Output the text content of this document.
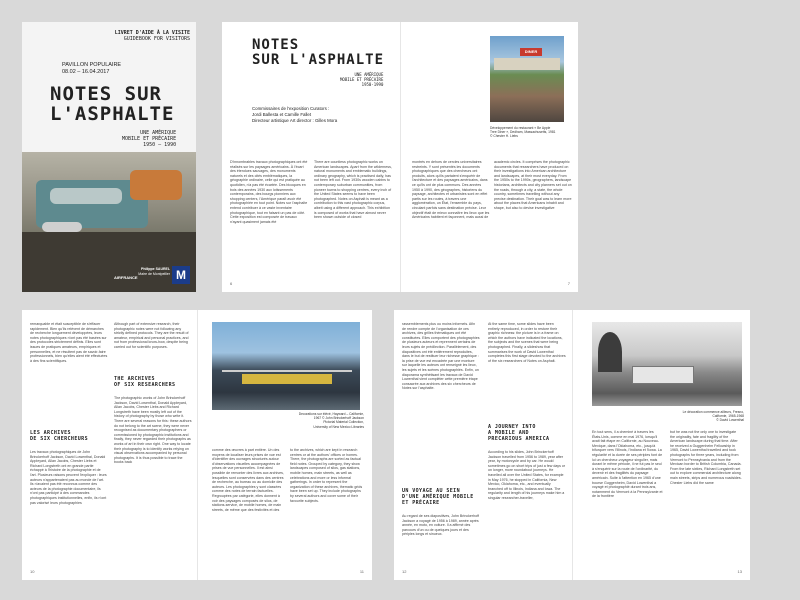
LIVRET D'AIDE À LA VISITE
GUIDEBOOK FOR VISITORS
PAVILLON POPULAIRE
08.02 – 16.04.2017
NOTES SUR
L'ASPHALTE
UNE AMÉRIQUE
MOBILE ET PRÉCAIRE
1950 – 1990
Philippe SAUREL
Maire de Montpellier
AIRFRANCE	M
NOTES
SUR L'ASPHALTE
UNE AMÉRIQUE
MOBILE ET PRÉCAIRE
1950-1990
Commissaires de l'exposition Curators :
Jordi Ballesta et Camille Fallet
Directeur artistique Art director : Gilles Mora
D'innombrables travaux photographiques ont été réalisés sur les paysages américains. À l'écart des étendues sauvages, des monuments naturels et des cités emblématiques, la géographie ordinaire, celle qui est pratiquée au quotidien, n'a pas été écartée. Des bicoques en bois des années 1930 aux lotissements contemporains, des bourgs pionniers aux shopping centers, l'Amérique paraît avoir été photographiée en tout point. Notes sur l'asphalte entend contribuer à ce vaste inventaire photographique, tout en faisant un pas de côté. Cette exposition est composée de travaux n'ayant quasiment jamais été
There are countless photographic works on American landscapes. Apart from the wilderness, natural monuments and emblematic buildings, ordinary geography, which is practised daily, has not been left out. From 1930s wooden cabins to contemporary suburban communities, from pioneer towns to shopping centres, every inch of the United States seems to have been photographed. Notes on Asphalt is meant as a contribution to this vast photographic corpus, albeit using a different approach. This exhibition is composed of works that have almost never been shown outside of closed
DINER
Développement du restaurant « Be Apple
Tree Diner », Dedham, Massachusetts, 1981
© Chester H. Liebs
montrés en dehors de cercles universitaires restreints. Y sont présentés les documents photographiques que des chercheurs ont produits, alors qu'ils partaient s'enquérir de l'architecture et des paysages américains, dans ce qu'ils ont de plus communs. Des années 1950 à 1990, des géographes, historiens du paysage, architectes et urbanistes sont en effet partis sur les routes, à travers une agglomération, un État, l'ensemble du pays, circulant parfois sans destination précise. Leur objectif était de mieux connaître les lieux que les Américains habitent et façonnent, mais aussi de
academic circles. It comprises the photographic documents that researchers have produced on their investigations into American architecture and landscapes, at their most everyday. From the 1950s to the 1990s, geographers, landscape historians, architects and city planners set out on the roads, through a city, a state, the whole country, sometimes travelling without any precise destination. Their goal was to learn more about the places that Americans inhabit and shape, but also to devise investigative
6	7
remarquable et était susceptible de s'effacer rapidement. Bien qu'ils relèvent de démarches de recherche longuement développées, leurs notes photographiques n'ont pas été basées sur des protocoles strictement définis. Elles sont issues de pratiques amateurs, empiriques et personnelles, et ne résultent pas de savoir-faire professionnels, bien qu'elles aient été effectuées à des fins scientifiques.
LES ARCHIVES
DE SIX CHERCHEURS
Les travaux photographiques de John Brinckerhoff Jackson, David Lowenthal, Donald Appleyard, Allan Jacobs, Chester Liebs et Richard Longstreth ont en grande partie échappé à l'histoire de la photographie et de l'art. Plusieurs raisons peuvent l'expliquer : leurs auteurs n'appartenaient pas au monde de l'art. Ils n'avaient pas été reconnus comme des acteurs de la photographie documentaire, ils n'ont pas participé à des commandes photographiques institutionnelles, enfin, ils n'ont pas valorisé leurs photographies
Although part of extensive research, their photographic notes were not following any strictly defined protocols. They are the result of amateur, empirical and personal practices, and not from professional know-how, despite being carried out for scientific purposes.
THE ARCHIVES
OF SIX RESEARCHERS
The photographic works of John Brinckerhoff Jackson, David Lowenthal, Donald Appleyard, Allan Jacobs, Chester Liebs and Richard Longstreth have been mostly left out of the history of photography by those who write it. There are several reasons for this: these authors do not belong to the art scene, they were never recognised as documentary photographers or commissioned by photographic institutions and finally, they never regarded their photographs as works of art in their own right. One way to locate their photography is to identify works relying on visual observations accompanied by personal photographs. It is thus possible to trace the books back
Decorations sur élévé, Hayward – Californie,
1967 © John Brinckerhoff Jackson
Pictorial Material Collection,
University of New Mexico Libraries
comme des œuvres à part entière. Un des moyens de localiser leurs prises de vue est d'identifier des ouvrages structurés autour d'observations visuelles accompagnées de prises de vue personnelles. Il est ainsi possible de remonter des livres aux archives, lesquelles sont conservées dans des centres de recherche, au bureau ou au domicile des auteurs. Les photographies y sont classées comme des notes de terrain factuelles. Regroupées par catégorie, elles donnent à voir des paysages composés de silos, de stations-service, de mobile homes, de main streets, de même que des festivités et des
to the archives, which are kept in research centres or at the authors' offices or homes. There, the photographs are sorted as factual field notes. Grouped by category, they show landscapes composed of silos, gas stations, mobile homes, main streets, as well as celebrations and more or less informal gatherings. In order to represent the organization of these archives, thematic grids have been set up. They include photographs by several authors and cover some of their favourite subjects.
10	11
rassemblements plus ou moins informels. Afin de rendre compte de l'organisation de ces archives, des grilles thématiques ont été constituées. Elles comportent des photographies de plusieurs auteurs et reprennent certains de leurs sujets de prédilection. Parallèlement, des diapositives ont été entièrement reproduites, dans le but de restituer leur richesse graphique : la prise de vue est encadrée par une monture sur laquelle les auteurs ont renseigné les lieux, les sujets et les scènes photographiés. Enfin, un diaporama synthétisant les travaux de David Lowenthal vient compléter cette première étape consacrée aux archives des six chercheurs de Notes sur l'asphalte.
UN VOYAGE AU SEIN
D'UNE AMÉRIQUE MOBILE
ET PRÉCAIRE
Au regard de ses diapositives, John Brinckerhoff Jackson a voyagé de 1956 à 1989, année après année, en moto, en voiture. Il a affirmé des parcours d'un ou de quelques jours et des périples longs et sinueux.
At the same time, some slides have been entirely reproduced, in order to restore their graphic richness: the picture is in a frame on which the authors have indicated the locations, the subjects and the scenes that were being photographed. Finally, a slideshow that summarises the work of David Lowenthal completes this first stage devoted to the archives of the six researchers of Notes on Asphalt.
A JOURNEY INTO
A MOBILE AND
PRECARIOUS AMERICA
According to his slides, John Brinckerhoff Jackson travelled from 1956 to 1989, year after year, by motorcycle and by car. He would sometimes go on short trips of just a few days or on longer, more roundabout journeys. He travelled all over the United States, for example in May 1976, he stopped in California, New Mexico, Oklahoma, etc., and eventually branched off to Illinois, Indiana and Iowa. The regularity and length of his journeys make him a singular researcher-traveller,
Le décoration commence ailleurs, Fresno,
Californie, 1965-1968
© David Lowenthal
En tout sens, il a cheminé à travers les États-Unis, comme en mai 1976, lorsqu'il avait fait étape en Californie, au Nouveau-Mexique, dans l'Oklahoma, etc., jusqu'à bifurquer vers l'Illinois, l'Indiana et l'Iowa. La régularité et la durée de ses périples font de lui un chercheur-voyageur singulier, mais durant le même période, il ne fut pas le seul à s'enquérir sur la route de l'ordinarité, du devenir et des fragilités du paysage américain. Suite à l'attention en 1965 d'une bourse Guggenheim, David Lowenthal a voyagé et photographié durant trois ans, notamment du Vermont à la Pennsylvanie et de la frontière
but he was not the only one to investigate the originality, fate and fragility of the American landscape during that time. After he received a Guggenheim Fellowship in 1965, David Lowenthal travelled and took photographs for three years, including from Vermont to Pennsylvania and from the Mexican border to British Columbia, Canada. From the late sixties, Richard Longstreth set out to explore commercial architecture along main streets, strips and numerous roadsides. Chester Liebs did the same
12	13
